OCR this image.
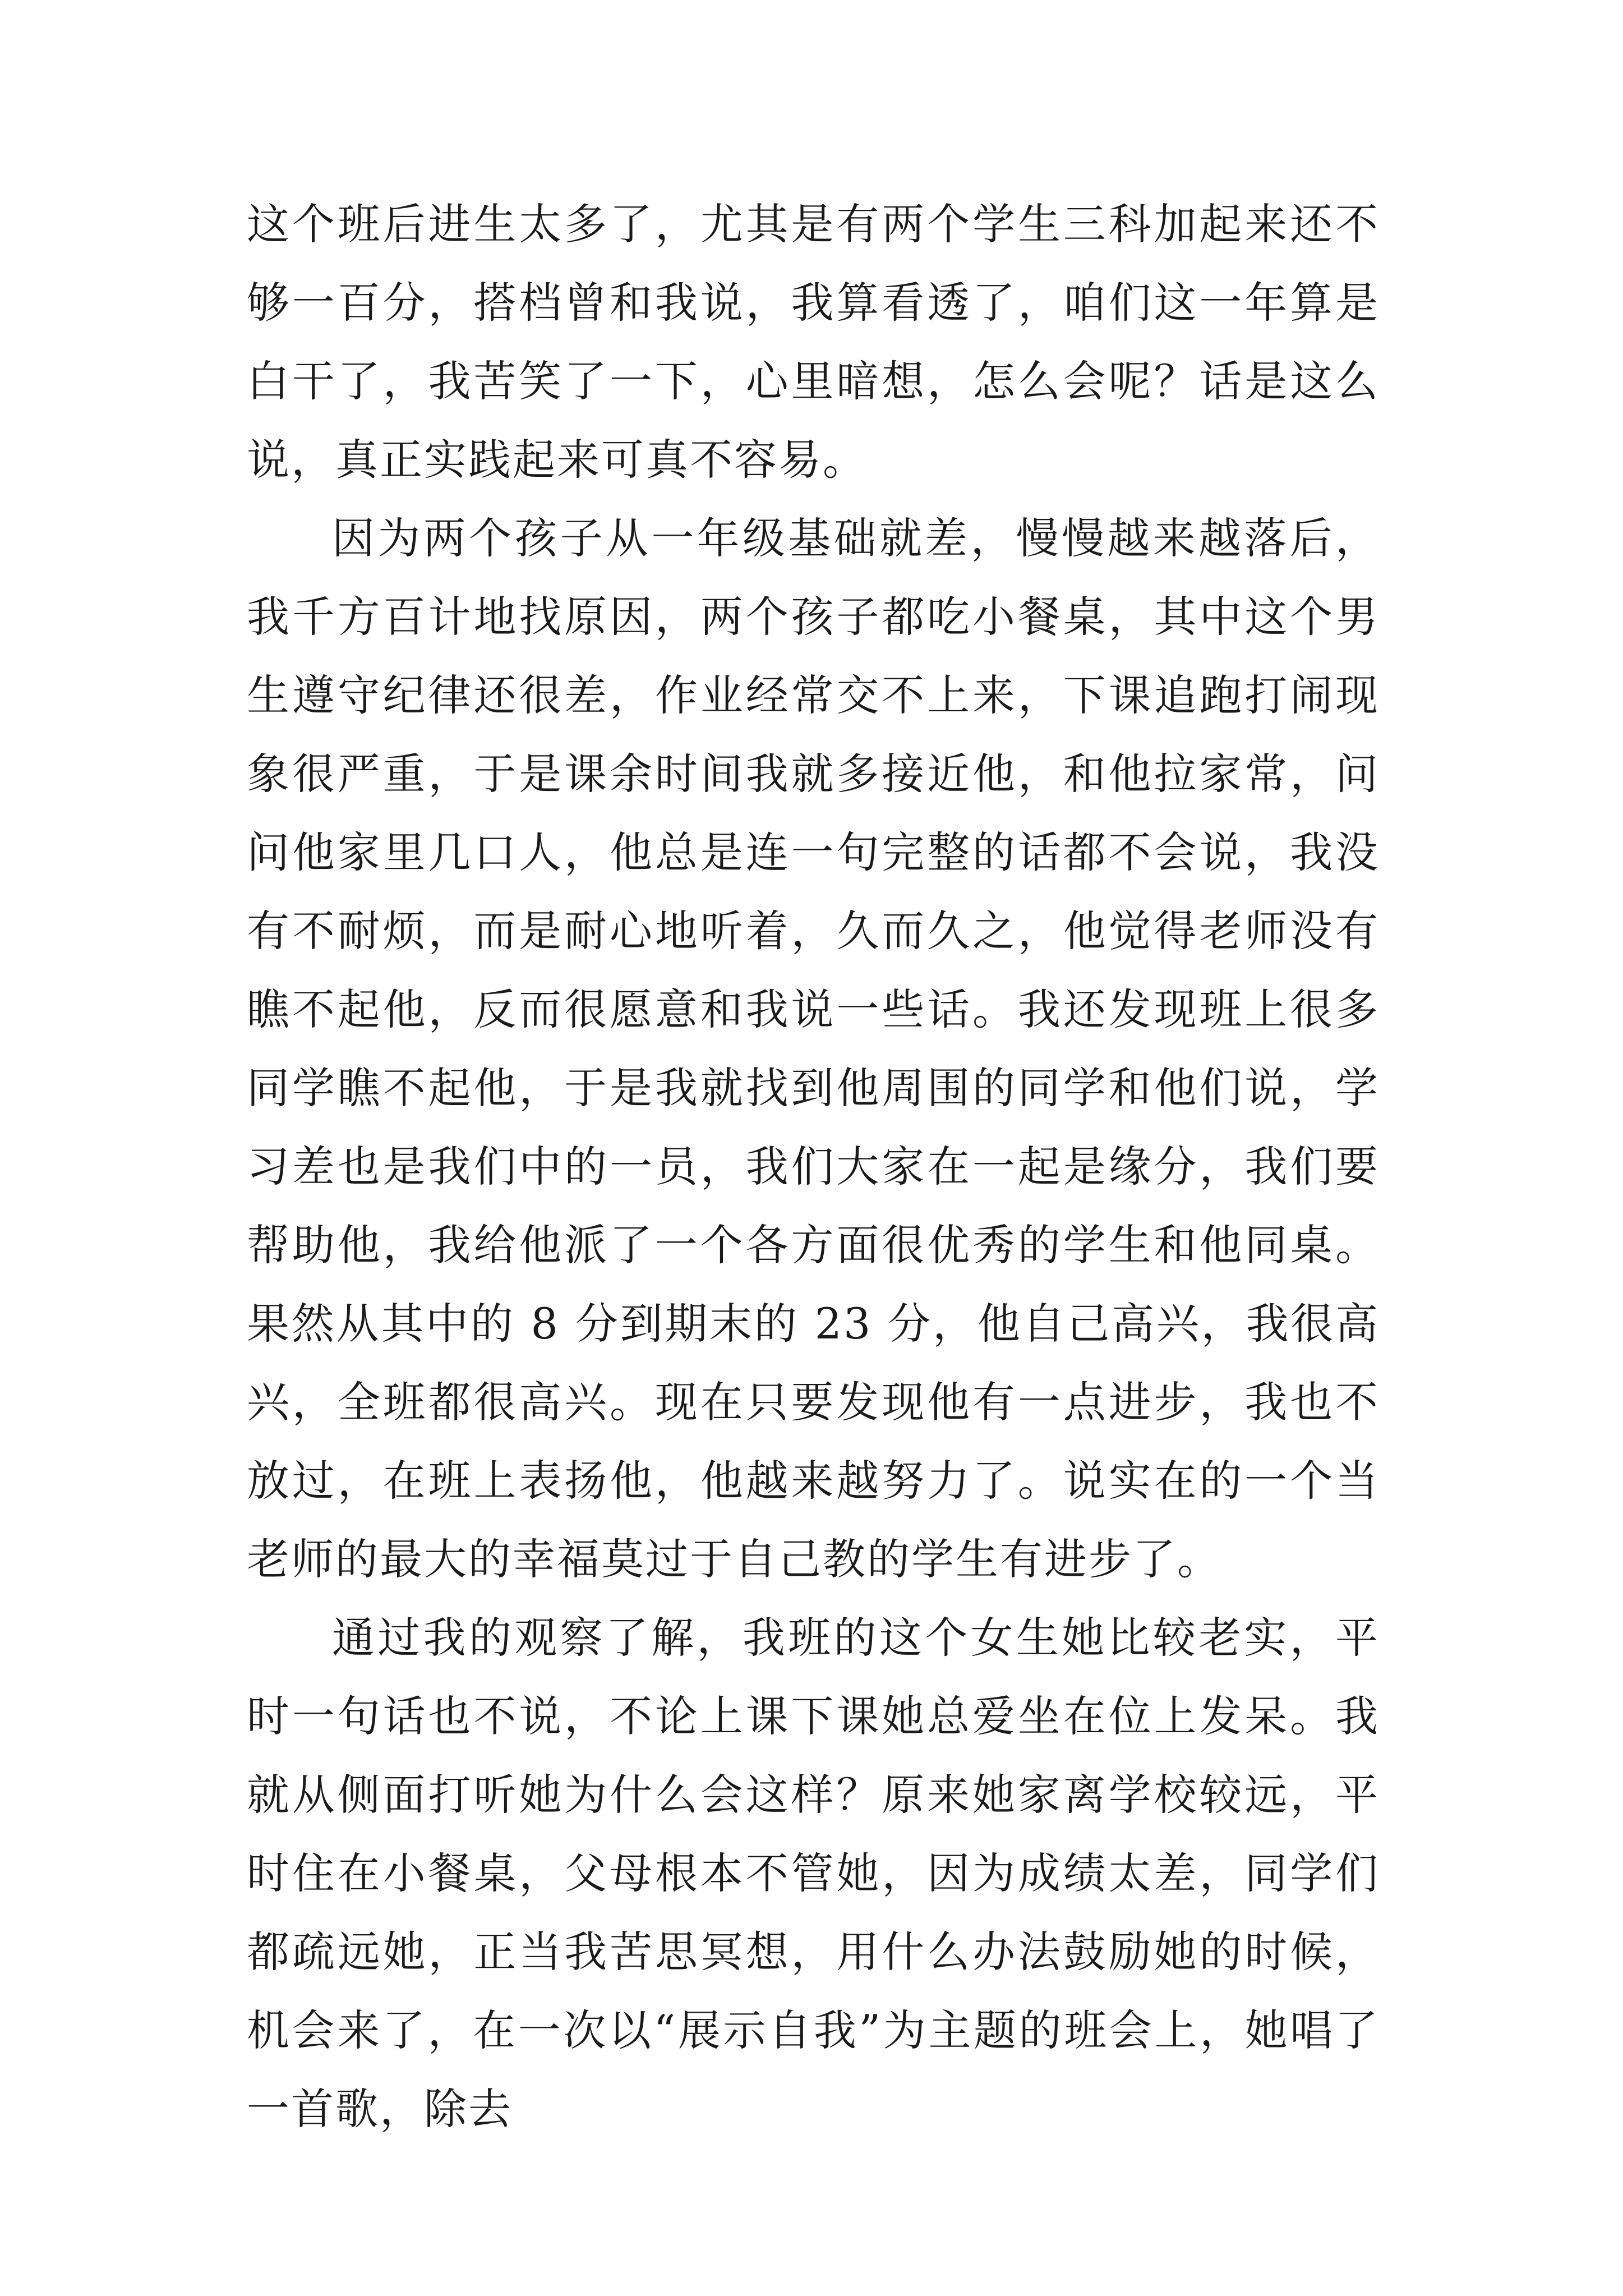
这个班后进生太多了，尤其是有两个学生三科加起来还不够一百分，搭档曾和我说，我算看透了，咱们这一年算是白干了，我苦笑了一下，心里暗想，怎么会呢？话是这么说，真正实践起来可真不容易。

因为两个孩子从一年级基础就差，慢慢越来越落后，我千方百计地找原因，两个孩子都吃小餐桌，其中这个男生遵守纪律还很差，作业经常交不上来，下课追跑打闹现象很严重，于是课余时间我就多接近他，和他拉家常，问问他家里几口人，他总是连一句完整的话都不会说，我没有不耐烦，而是耐心地听着，久而久之，他觉得老师没有瞧不起他，反而很愿意和我说一些话。我还发现班上很多同学瞧不起他，于是我就找到他周围的同学和他们说，学习差也是我们中的一员，我们大家在一起是缘分，我们要帮助他，我给他派了一个各方面很优秀的学生和他同桌。果然从其中的 8 分到期末的 23 分，他自己高兴，我很高兴，全班都很高兴。现在只要发现他有一点进步，我也不放过，在班上表扬他，他越来越努力了。说实在的一个当老师的最大的幸福莫过于自己教的学生有进步了。

通过我的观察了解，我班的这个女生她比较老实，平时一句话也不说，不论上课下课她总爱坐在位上发呆。我就从侧面打听她为什么会这样？原来她家离学校较远，平时住在小餐桌，父母根本不管她，因为成绩太差，同学们都疏远她，正当我苦思冥想，用什么办法鼓励她的时候，机会来了，在一次以“展示自我”为主题的班会上，她唱了一首歌，除去
